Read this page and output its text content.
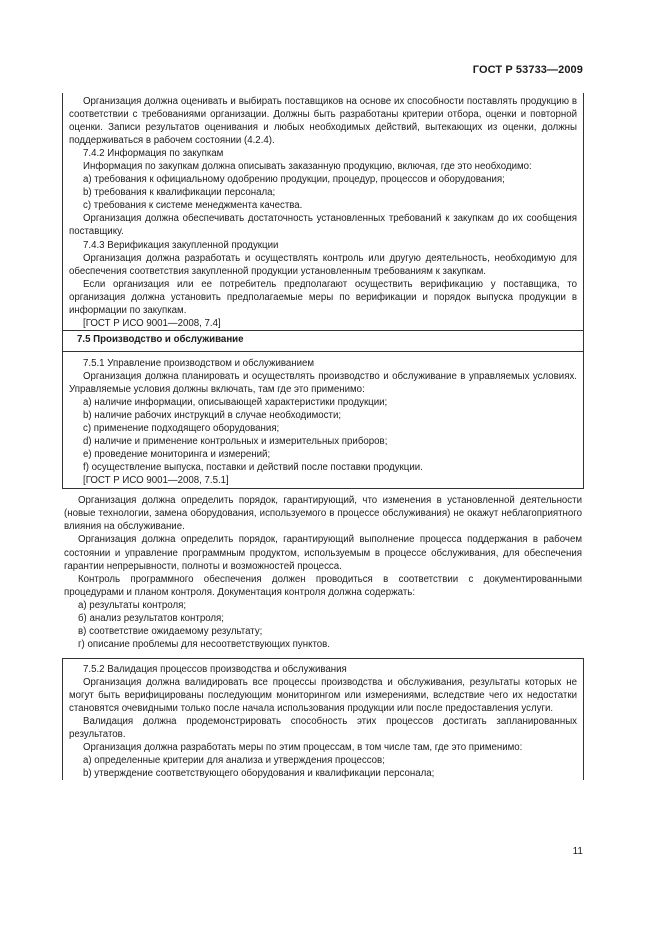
ГОСТ Р 53733—2009

Организация должна оценивать и выбирать поставщиков на основе их способности поставлять продукцию в соответствии с требованиями организации. Должны быть разработаны критерии отбора, оценки и повторной оценки. Записи результатов оценивания и любых необходимых действий, вытекающих из оценки, должны поддерживаться в рабочем состоянии (4.2.4).

7.4.2 Информация по закупкам

Информация по закупкам должна описывать заказанную продукцию, включая, где это необходимо:

a) требования к официальному одобрению продукции, процедур, процессов и оборудования;

b) требования к квалификации персонала;

c) требования к системе менеджмента качества.

Организация должна обеспечивать достаточность установленных требований к закупкам до их сообщения поставщику.

7.4.3 Верификация закупленной продукции

Организация должна разработать и осуществлять контроль или другую деятельность, необходимую для обеспечения соответствия закупленной продукции установленным требованиям к закупкам.

Если организация или ее потребитель предполагают осуществить верификацию у поставщика, то организация должна установить предполагаемые меры по верификации и порядок выпуска продукции в информации по закупкам.

[ГОСТ Р ИСО 9001—2008, 7.4]

7.5 Производство и обслуживание

7.5.1 Управление производством и обслуживанием

Организация должна планировать и осуществлять производство и обслуживание в управляемых условиях. Управляемые условия должны включать, там где это применимо:

a) наличие информации, описывающей характеристики продукции;

b) наличие рабочих инструкций в случае необходимости;

c) применение подходящего оборудования;

d) наличие и применение контрольных и измерительных приборов;

e) проведение мониторинга и измерений;

f) осуществление выпуска, поставки и действий после поставки продукции.

[ГОСТ Р ИСО 9001—2008, 7.5.1]

Организация должна определить порядок, гарантирующий, что изменения в установленной деятельности (новые технологии, замена оборудования, используемого в процессе обслуживания) не окажут неблагоприятного влияния на обслуживание.

Организация должна определить порядок, гарантирующий выполнение процесса поддержания в рабочем состоянии и управление программным продуктом, используемым в процессе обслуживания, для обеспечения гарантии непрерывности, полноты и возможностей процесса.

Контроль программного обеспечения должен проводиться в соответствии с документированными процедурами и планом контроля. Документация контроля должна содержать:

а) результаты контроля;

б) анализ результатов контроля;

в) соответствие ожидаемому результату;

г) описание проблемы для несоответствующих пунктов.

7.5.2 Валидация процессов производства и обслуживания

Организация должна валидировать все процессы производства и обслуживания, результаты которых не могут быть верифицированы последующим мониторингом или измерениями, вследствие чего их недостатки становятся очевидными только после начала использования продукции или после предоставления услуги.

Валидация должна продемонстрировать способность этих процессов достигать запланированных результатов.

Организация должна разработать меры по этим процессам, в том числе там, где это применимо:

a) определенные критерии для анализа и утверждения процессов;

b) утверждение соответствующего оборудования и квалификации персонала;

11
